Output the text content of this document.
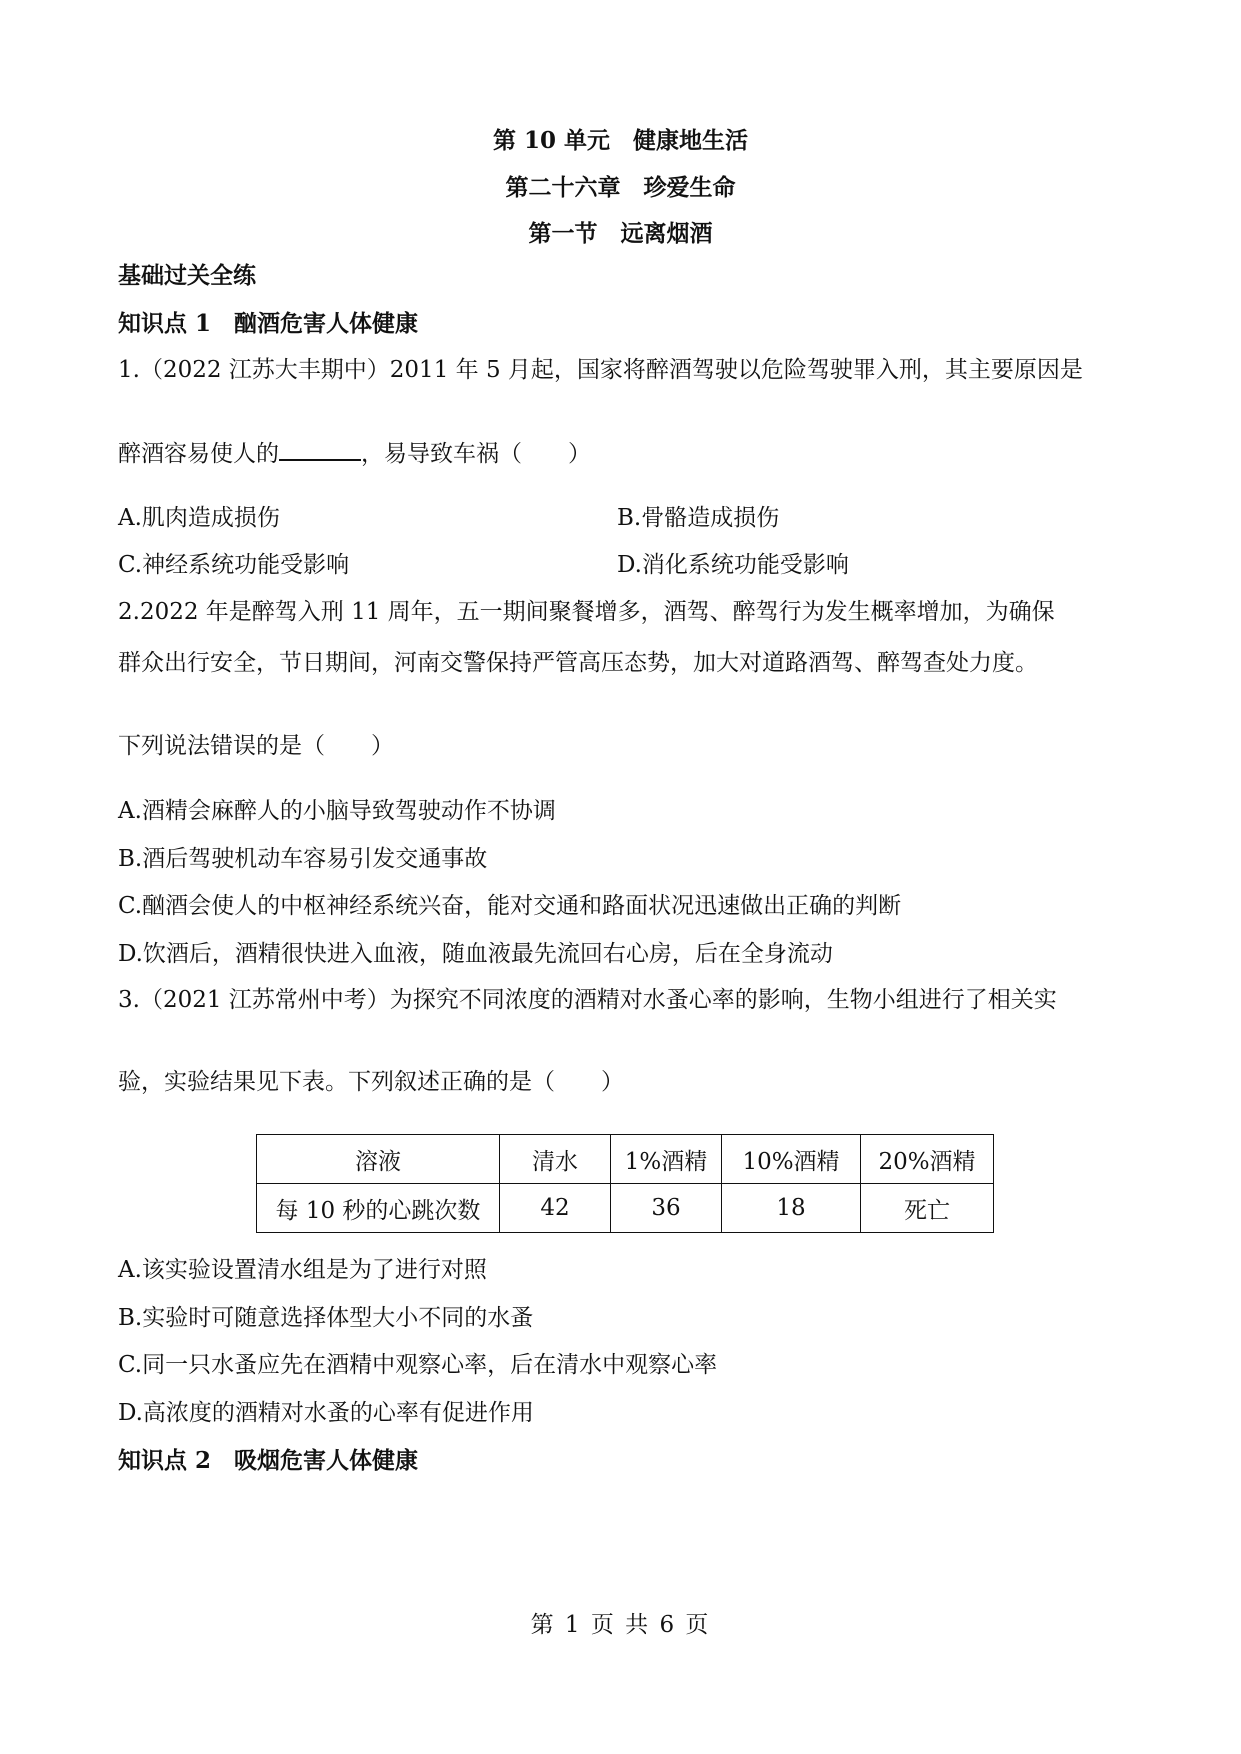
第 10 单元　健康地生活
第二十六章　珍爱生命
第一节　远离烟酒
基础过关全练
知识点 1　酗酒危害人体健康
1.（2022 江苏大丰期中）2011 年 5 月起，国家将醉酒驾驶以危险驾驶罪入刑，其主要原因是
醉酒容易使人的	，易导致车祸（　　）
A.肌肉造成损伤	B.骨骼造成损伤
C.神经系统功能受影响	D.消化系统功能受影响
2.2022 年是醉驾入刑 11 周年，五一期间聚餐增多，酒驾、醉驾行为发生概率增加，为确保
群众出行安全，节日期间，河南交警保持严管高压态势，加大对道路酒驾、醉驾查处力度。
下列说法错误的是（　　）
A.酒精会麻醉人的小脑导致驾驶动作不协调
B.酒后驾驶机动车容易引发交通事故
C.酗酒会使人的中枢神经系统兴奋，能对交通和路面状况迅速做出正确的判断
D.饮酒后，酒精很快进入血液，随血液最先流回右心房，后在全身流动
3.（2021 江苏常州中考）为探究不同浓度的酒精对水蚤心率的影响，生物小组进行了相关实
验，实验结果见下表。下列叙述正确的是（　　）
溶液	清水	1%酒精	10%酒精	20%酒精
每 10 秒的心跳次数	42	36	18	死亡
A.该实验设置清水组是为了进行对照
B.实验时可随意选择体型大小不同的水蚤
C.同一只水蚤应先在酒精中观察心率，后在清水中观察心率
D.高浓度的酒精对水蚤的心率有促进作用
知识点 2　吸烟危害人体健康
第 1 页 共 6 页
